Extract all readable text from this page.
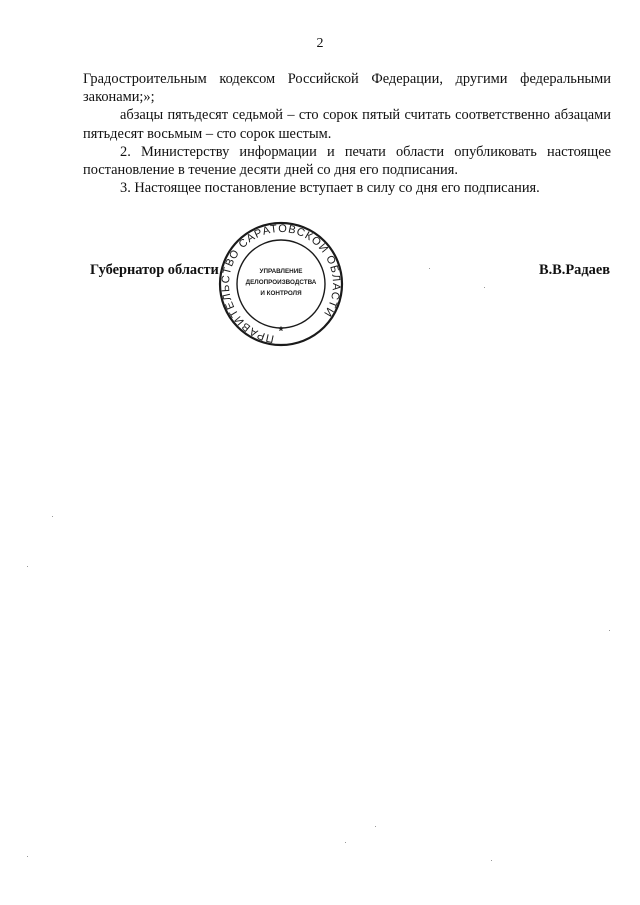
2

Градостроительным кодексом Российской Федерации, другими федеральными законами;»;

абзацы пятьдесят седьмой – сто сорок пятый считать соответственно абзацами пятьдесят восьмым – сто сорок шестым.

2. Министерству информации и печати области опубликовать настоящее постановление в течение десяти дней со дня его подписания.

3. Настоящее постановление вступает в силу со дня его подписания.

Губернатор области	В.В.Радаев
ПРАВИТЕЛЬСТВО САРАТОВСКОЙ ОБЛАСТИ
*
УПРАВЛЕНИЕ
ДЕЛОПРОИЗВОДСТВА
И КОНТРОЛЯ
